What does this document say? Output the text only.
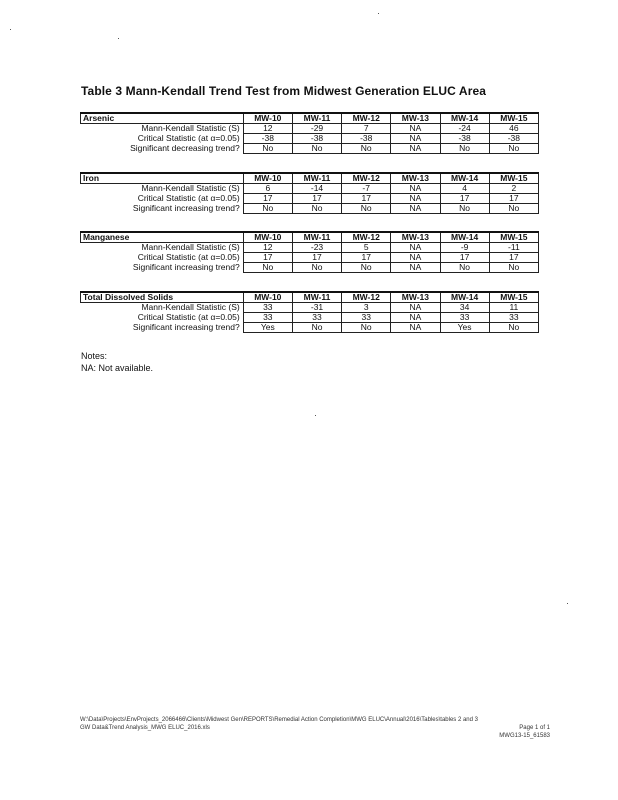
Table 3 Mann-Kendall Trend Test from Midwest Generation ELUC Area
Arsenic	MW-10	MW-11	MW-12	MW-13	MW-14	MW-15
Mann-Kendall Statistic (S)	12	-29	7	NA	-24	46
Critical Statistic (at α=0.05)	-38	-38	-38	NA	-38	-38
Significant decreasing trend?	No	No	No	NA	No	No
Iron	MW-10	MW-11	MW-12	MW-13	MW-14	MW-15
Mann-Kendall Statistic (S)	6	-14	-7	NA	4	2
Critical Statistic (at α=0.05)	17	17	17	NA	17	17
Significant increasing trend?	No	No	No	NA	No	No
Manganese	MW-10	MW-11	MW-12	MW-13	MW-14	MW-15
Mann-Kendall Statistic (S)	12	-23	5	NA	-9	-11
Critical Statistic (at α=0.05)	17	17	17	NA	17	17
Significant increasing trend?	No	No	No	NA	No	No
Total Dissolved Solids	MW-10	MW-11	MW-12	MW-13	MW-14	MW-15
Mann-Kendall Statistic (S)	33	-31	3	NA	34	11
Critical Statistic (at α=0.05)	33	33	33	NA	33	33
Significant increasing trend?	Yes	No	No	NA	Yes	No
Notes:
NA: Not available.
W:\Data\Projects\EnvProjects_2066466\Clients\Midwest Gen\REPORTS\Remedial Action Completion\MWG ELUC\Annual\2016\Tables\tables 2 and 3
GW Data&Trend Analysis_MWG ELUC_2016.xls	Page 1 of 1
MWG13-15_61583
